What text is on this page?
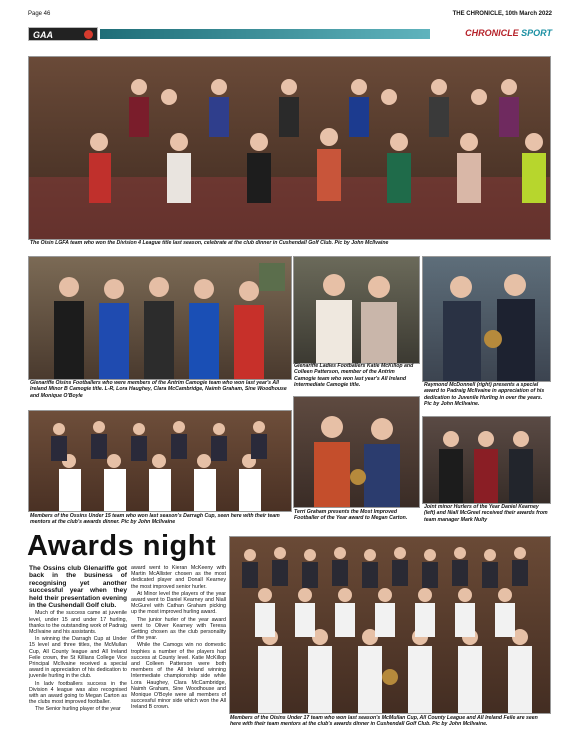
Page 46	THE CHRONICLE, 10th March 2022
GAA	CHRONICLE SPORT
The Oisin LGFA team who won the Division 4 League title last season, celebrate at the club dinner in Cushendall Golf Club. Pic by John McIlvaine
Glenariffe Oisins Footballers who were members of the Antrim Camogie team who won last year's All Ireland Minor B Camogie title. L-R, Lora Haughey, Clara McCambridge, Naimh Graham, Sine Woodhouse and Monique O'Boyle
Glenariffe Ladies Footballers Katie McKillop and Colleen Patterson, member of the Antrim Camogie team who won last year's All Ireland Intermediate Camogie title.	Raymond McDonnell (right) presents a special award to Padraig McIlvaine in appreciation of his dedication to Juvenile Hurling in over the years. Pic by John McIlvaine.
Members of the Ossins Under 15 team who won last season's Darragh Cup, seen here with their team mentors at the club's awards dinner. Pic by John McIlvaine
Terri Graham presents the Most Improved Footballer of the Year award to Megan Carton.
Joint minor Hurlers of the Year Daniel Kearney (left) and Niall McGreel received their awards from team manager Mark Nulty
Awards night

The Ossins club Glenariffe got back in the business of recognising yet another successful year when they held their presentation evening in the Cushendall Golf club.

Much of the success came at juvenile level, under 15 and under 17 hurling, thanks to the outstanding work of Padraig McIlvaine and his assistants.

In winning the Darragh Cup at Under 15 level and three titles, the McMullan Cup, All County league and All Ireland Feile crown, the St Killians College Vice Principal McIlvaine received a special award in appreciation of his dedication to juvenile hurling in the club.

In ladv footballers success in the Division 4 league was also recognised with an award going to Megan Carton as the clubs most improved footballer.

The Senior hurling player of the year

award went to Kieran McKeeny with Martin McAllister chosen as the most dedicated player and Donall Kearney the most improved senior hurler.

At Minor level the players of the year award went to Daniel Kearney and Niall McGurel with Cathan Graham picking up the most improved hurling award.

The junior hurler of the year award went to Oliver Kearney with Teresa Getting chosen as the club personality of the year.

While the Camogs win no domestic trophies a number of the players had success at County level. Katie McKillop and Colleen Patterson were both members of the All Ireland winning Intermediate championship side while Lora Haughey, Clara McCambridge, Naimh Graham, Sine Woodhouse and Monique O'Boyle were all members of successful minor side which won the All Ireland B crown.

Members of the Oisins Under 17 team who won last season's McMullan Cup, All County League and All Ireland Feile are seen here with their team mentors at the club's awards dinner in Cushendall Golf Club. Pic by John McIlvaine.
